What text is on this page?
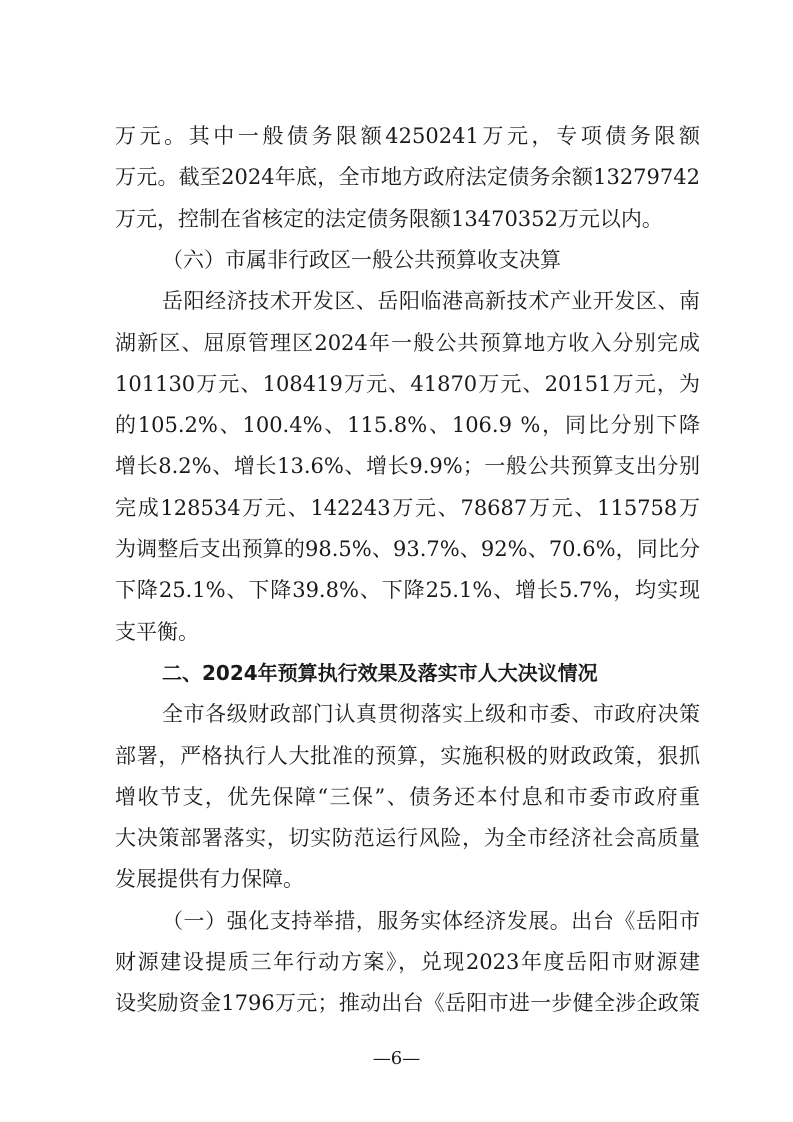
万元。其中一般债务限额4250241万元，专项债务限额
万元。截至2024年底，全市地方政府法定债务余额13279742
万元，控制在省核定的法定债务限额13470352万元以内。
（六）市属非行政区一般公共预算收支决算
岳阳经济技术开发区、岳阳临港高新技术产业开发区、南
湖新区、屈原管理区2024年一般公共预算地方收入分别完成
101130万元、108419万元、41870万元、20151万元，为
的105.2%、100.4%、115.8%、106.9 %，同比分别下降
增长8.2%、增长13.6%、增长9.9%；一般公共预算支出分别
完成128534万元、142243万元、78687万元、115758万
为调整后支出预算的98.5%、93.7%、92%、70.6%，同比分
下降25.1%、下降39.8%、下降25.1%、增长5.7%，均实现
支平衡。
二、2024年预算执行效果及落实市人大决议情况
全市各级财政部门认真贯彻落实上级和市委、市政府决策
部署，严格执行人大批准的预算，实施积极的财政政策，狠抓
增收节支，优先保障“三保”、债务还本付息和市委市政府重
大决策部署落实，切实防范运行风险，为全市经济社会高质量
发展提供有力保障。
（一）强化支持举措，服务实体经济发展。出台《岳阳市
财源建设提质三年行动方案》，兑现2023年度岳阳市财源建
设奖励资金1796万元；推动出台《岳阳市进一步健全涉企政策
—6—
